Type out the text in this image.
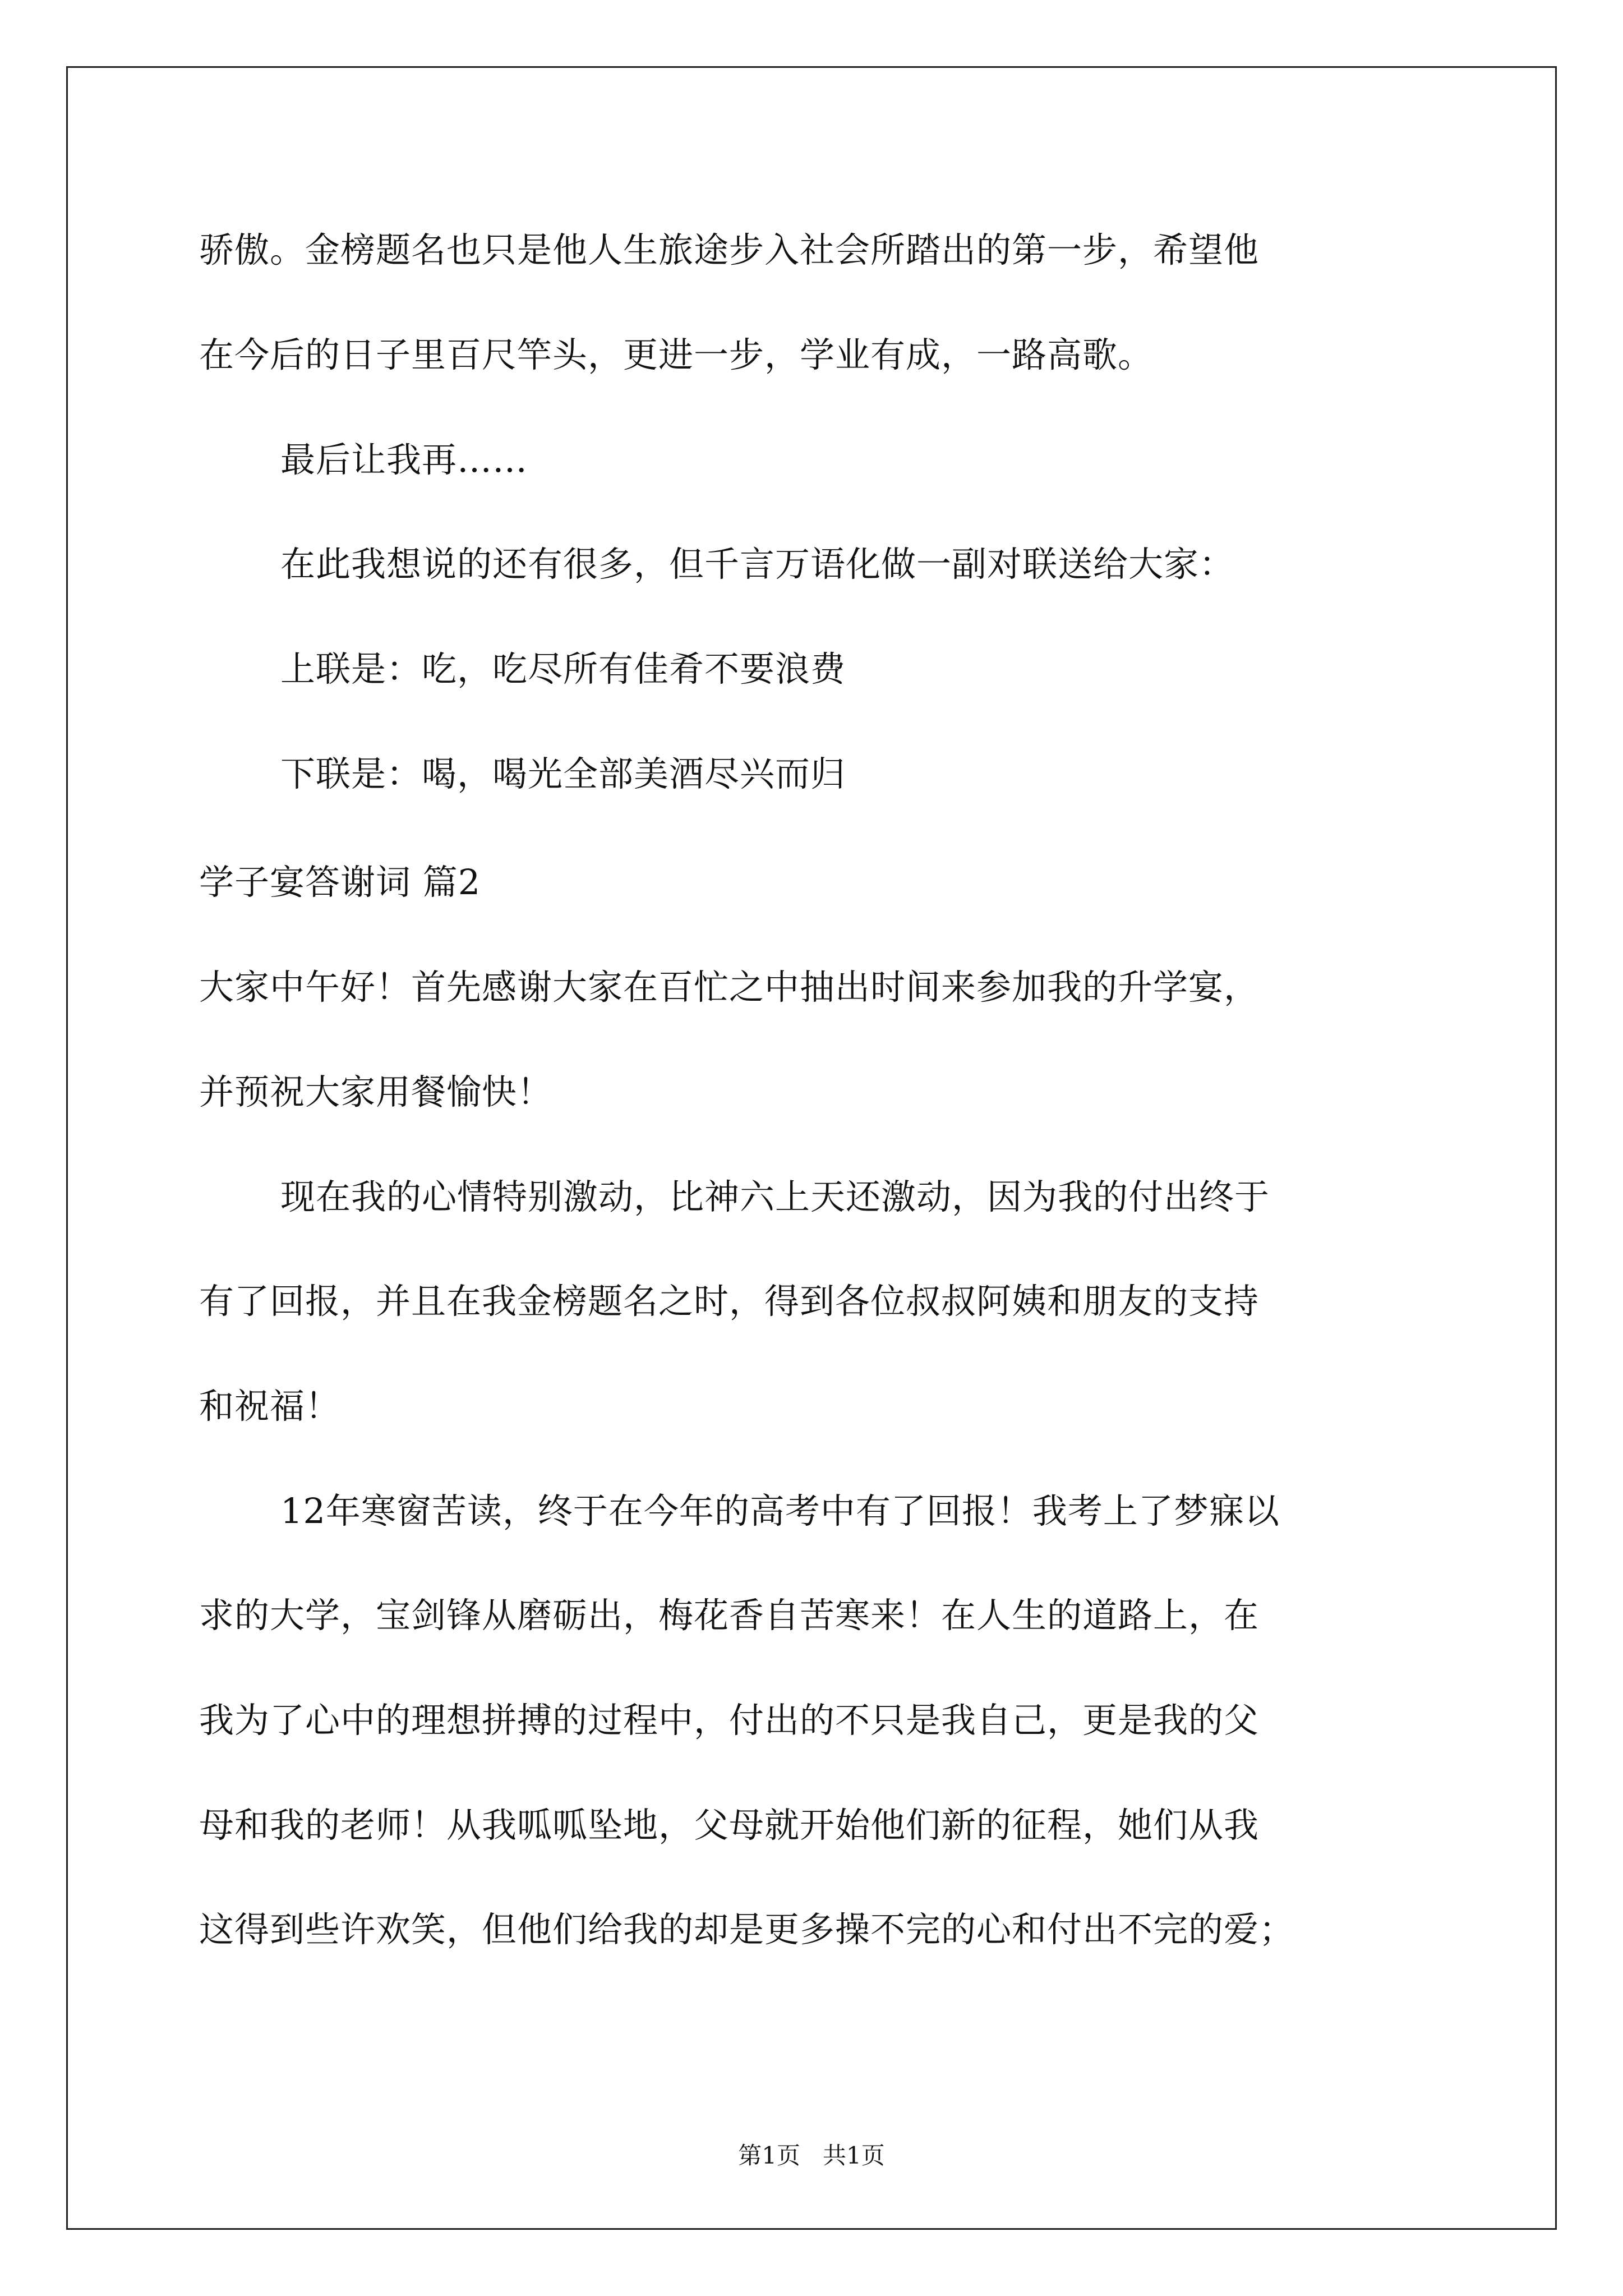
骄傲。金榜题名也只是他人生旅途步入社会所踏出的第一步，希望他
在今后的日子里百尺竿头，更进一步，学业有成，一路高歌。
最后让我再……
在此我想说的还有很多，但千言万语化做一副对联送给大家：
上联是：吃，吃尽所有佳肴不要浪费
下联是：喝，喝光全部美酒尽兴而归
学子宴答谢词 篇2
大家中午好！首先感谢大家在百忙之中抽出时间来参加我的升学宴，
并预祝大家用餐愉快！
现在我的心情特别激动，比神六上天还激动，因为我的付出终于
有了回报，并且在我金榜题名之时，得到各位叔叔阿姨和朋友的支持
和祝福！
12年寒窗苦读，终于在今年的高考中有了回报！我考上了梦寐以
求的大学，宝剑锋从磨砺出，梅花香自苦寒来！在人生的道路上，在
我为了心中的理想拼搏的过程中，付出的不只是我自己，更是我的父
母和我的老师！从我呱呱坠地，父母就开始他们新的征程，她们从我
这得到些许欢笑，但他们给我的却是更多操不完的心和付出不完的爱；
第1页   共1页
